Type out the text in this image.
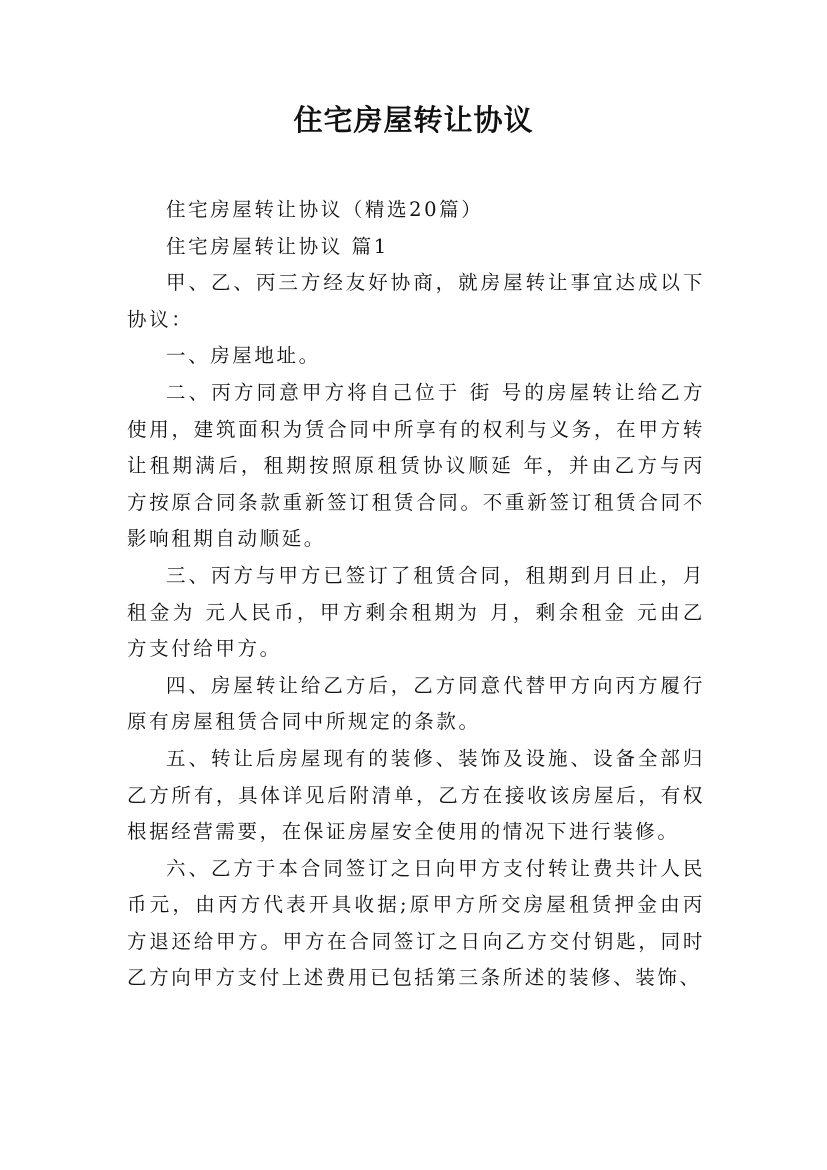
住宅房屋转让协议

住宅房屋转让协议（精选20篇）

住宅房屋转让协议 篇1

甲、乙、丙三方经友好协商，就房屋转让事宜达成以下协议：

一、房屋地址。

二、丙方同意甲方将自己位于 街 号的房屋转让给乙方使用，建筑面积为赁合同中所享有的权利与义务，在甲方转让租期满后，租期按照原租赁协议顺延 年，并由乙方与丙方按原合同条款重新签订租赁合同。不重新签订租赁合同不影响租期自动顺延。

三、丙方与甲方已签订了租赁合同，租期到月日止，月租金为 元人民币，甲方剩余租期为 月，剩余租金 元由乙方支付给甲方。

四、房屋转让给乙方后，乙方同意代替甲方向丙方履行原有房屋租赁合同中所规定的条款。

五、转让后房屋现有的装修、装饰及设施、设备全部归乙方所有，具体详见后附清单，乙方在接收该房屋后，有权根据经营需要，在保证房屋安全使用的情况下进行装修。

六、乙方于本合同签订之日向甲方支付转让费共计人民币元，由丙方代表开具收据;原甲方所交房屋租赁押金由丙方退还给甲方。甲方在合同签订之日向乙方交付钥匙，同时乙方向甲方支付上述费用已包括第三条所述的装修、装饰、
